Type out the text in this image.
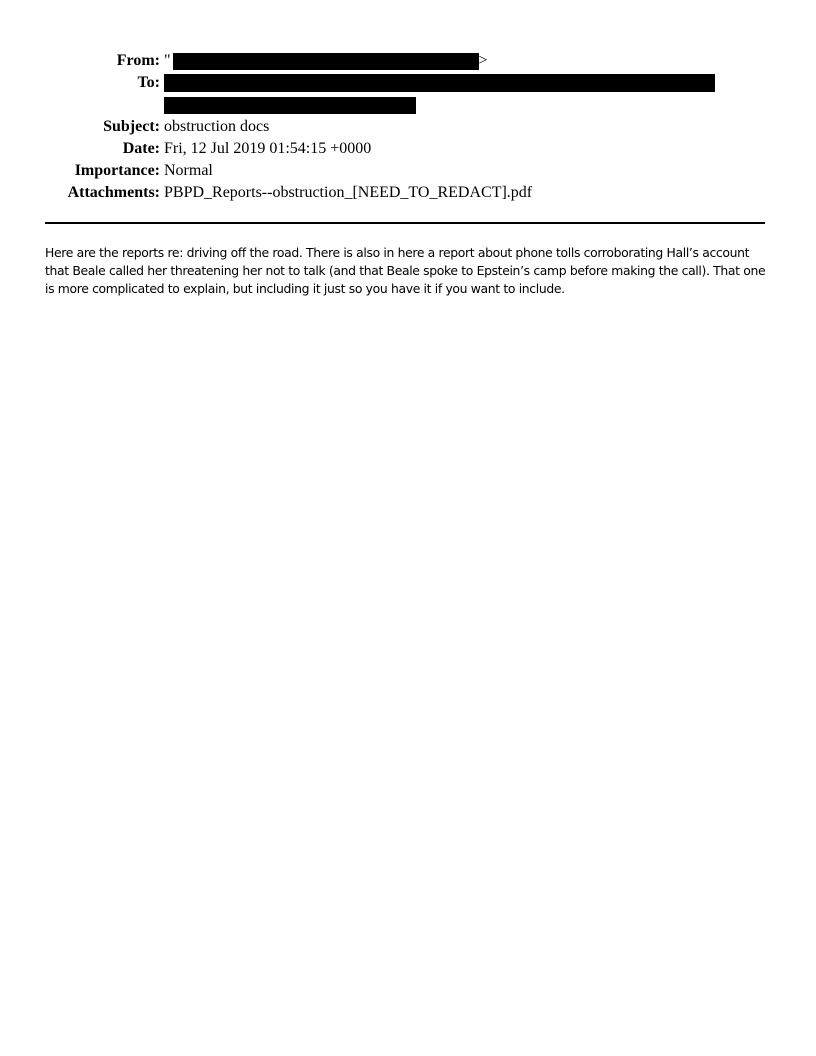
From: "	>
To:
Subject: obstruction docs
Date: Fri, 12 Jul 2019 01:54:15 +0000
Importance: Normal
Attachments: PBPD_Reports--obstruction_[NEED_TO_REDACT].pdf
Here are the reports re: driving off the road. There is also in here a report about phone tolls corroborating Hall’s account that Beale called her threatening her not to talk (and that Beale spoke to Epstein’s camp before making the call). That one is more complicated to explain, but including it just so you have it if you want to include.
